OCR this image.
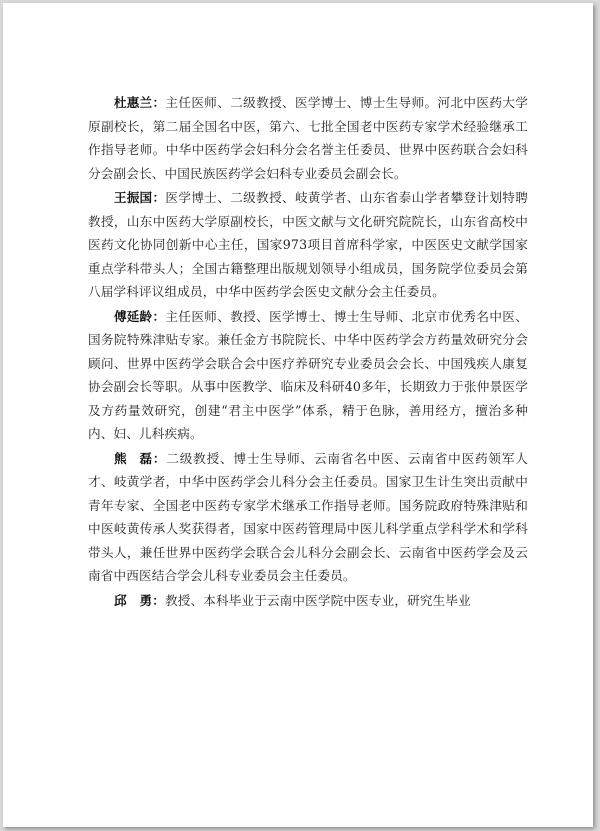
杜惠兰：主任医师、二级教授、医学博士、博士生导师。河北中医药大学原副校长，第二届全国名中医，第六、七批全国老中医药专家学术经验继承工作指导老师。中华中医药学会妇科分会名誉主任委员、世界中医药联合会妇科分会副会长、中国民族医药学会妇科专业委员会副会长。

王振国：医学博士、二级教授、岐黄学者、山东省泰山学者攀登计划特聘教授，山东中医药大学原副校长，中医文献与文化研究院院长，山东省高校中医药文化协同创新中心主任，国家973项目首席科学家，中医医史文献学国家重点学科带头人；全国古籍整理出版规划领导小组成员，国务院学位委员会第八届学科评议组成员，中华中医药学会医史文献分会主任委员。

傅延龄：主任医师、教授、医学博士、博士生导师、北京市优秀名中医、国务院特殊津贴专家。兼任金方书院院长、中华中医药学会方药量效研究分会顾问、世界中医药学会联合会中医疗养研究专业委员会会长、中国残疾人康复协会副会长等职。从事中医教学、临床及科研40多年，长期致力于张仲景医学及方药量效研究，创建“君主中医学”体系，精于色脉，善用经方，擅治多种内、妇、儿科疾病。

熊　磊：二级教授、博士生导师、云南省名中医、云南省中医药领军人才、岐黄学者，中华中医药学会儿科分会主任委员。国家卫生计生突出贡献中青年专家、全国老中医药专家学术继承工作指导老师。国务院政府特殊津贴和中医岐黄传承人奖获得者，国家中医药管理局中医儿科学重点学科学术和学科带头人，兼任世界中医药学会联合会儿科分会副会长、云南省中医药学会及云南省中西医结合学会儿科专业委员会主任委员。

邱　勇：教授、本科毕业于云南中医学院中医专业，研究生毕业
